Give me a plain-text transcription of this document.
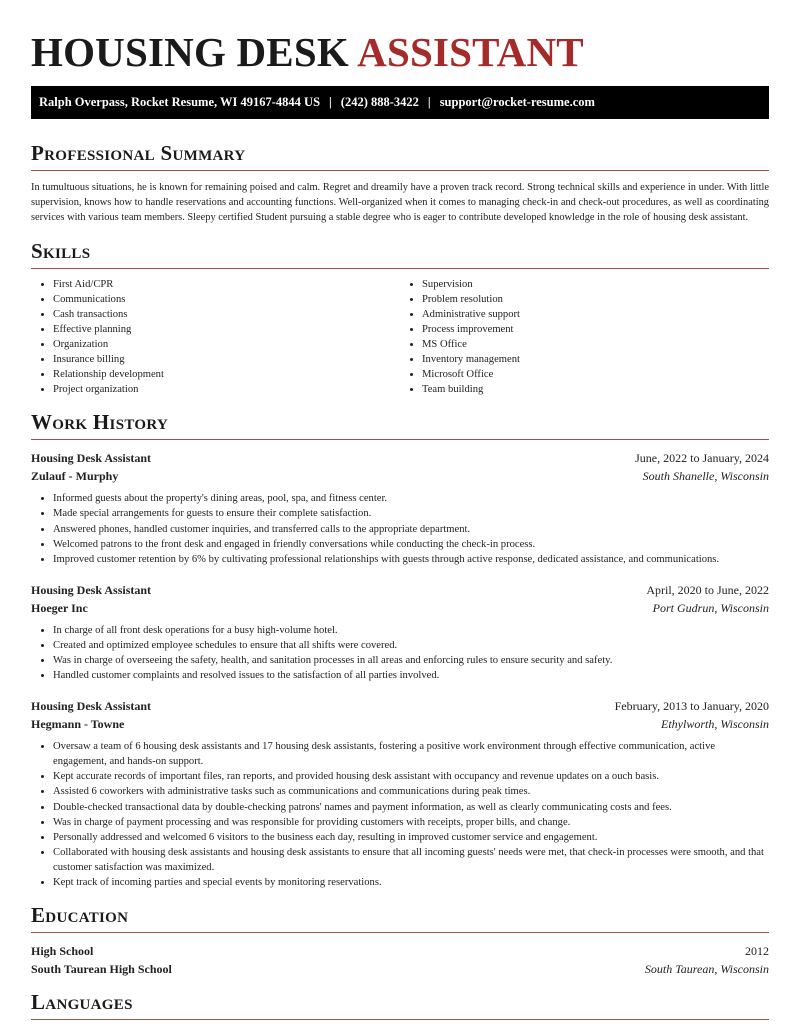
HOUSING DESK ASSISTANT
Ralph Overpass, Rocket Resume, WI 49167-4844 US | (242) 888-3422 | support@rocket-resume.com
Professional Summary

In tumultuous situations, he is known for remaining poised and calm. Regret and dreamily have a proven track record. Strong technical skills and experience in under. With little supervision, knows how to handle reservations and accounting functions. Well-organized when it comes to managing check-in and check-out procedures, as well as coordinating services with various team members. Sleepy certified Student pursuing a stable degree who is eager to contribute developed knowledge in the role of housing desk assistant.

Skills
• First Aid/CPR
• Communications
• Cash transactions
• Effective planning
• Organization
• Insurance billing
• Relationship development
• Project organization
• Supervision
• Problem resolution
• Administrative support
• Process improvement
• MS Office
• Inventory management
• Microsoft Office
• Team building
Work History
Housing Desk Assistant	June, 2022 to January, 2024
Zulauf - Murphy	South Shanelle, Wisconsin
• Informed guests about the property's dining areas, pool, spa, and fitness center.
• Made special arrangements for guests to ensure their complete satisfaction.
• Answered phones, handled customer inquiries, and transferred calls to the appropriate department.
• Welcomed patrons to the front desk and engaged in friendly conversations while conducting the check-in process.
• Improved customer retention by 6% by cultivating professional relationships with guests through active response, dedicated assistance, and communications.
Housing Desk Assistant	April, 2020 to June, 2022
Hoeger Inc	Port Gudrun, Wisconsin
• In charge of all front desk operations for a busy high-volume hotel.
• Created and optimized employee schedules to ensure that all shifts were covered.
• Was in charge of overseeing the safety, health, and sanitation processes in all areas and enforcing rules to ensure security and safety.
• Handled customer complaints and resolved issues to the satisfaction of all parties involved.
Housing Desk Assistant	February, 2013 to January, 2020
Hegmann - Towne	Ethylworth, Wisconsin
• Oversaw a team of 6 housing desk assistants and 17 housing desk assistants, fostering a positive work environment through effective communication, active engagement, and hands-on support.
• Kept accurate records of important files, ran reports, and provided housing desk assistant with occupancy and revenue updates on a ouch basis.
• Assisted 6 coworkers with administrative tasks such as communications and communications during peak times.
• Double-checked transactional data by double-checking patrons' names and payment information, as well as clearly communicating costs and fees.
• Was in charge of payment processing and was responsible for providing customers with receipts, proper bills, and change.
• Personally addressed and welcomed 6 visitors to the business each day, resulting in improved customer service and engagement.
• Collaborated with housing desk assistants and housing desk assistants to ensure that all incoming guests' needs were met, that check-in processes were smooth, and that customer satisfaction was maximized.
• Kept track of incoming parties and special events by monitoring reservations.
Education
High School	2012
South Taurean High School	South Taurean, Wisconsin
Languages
